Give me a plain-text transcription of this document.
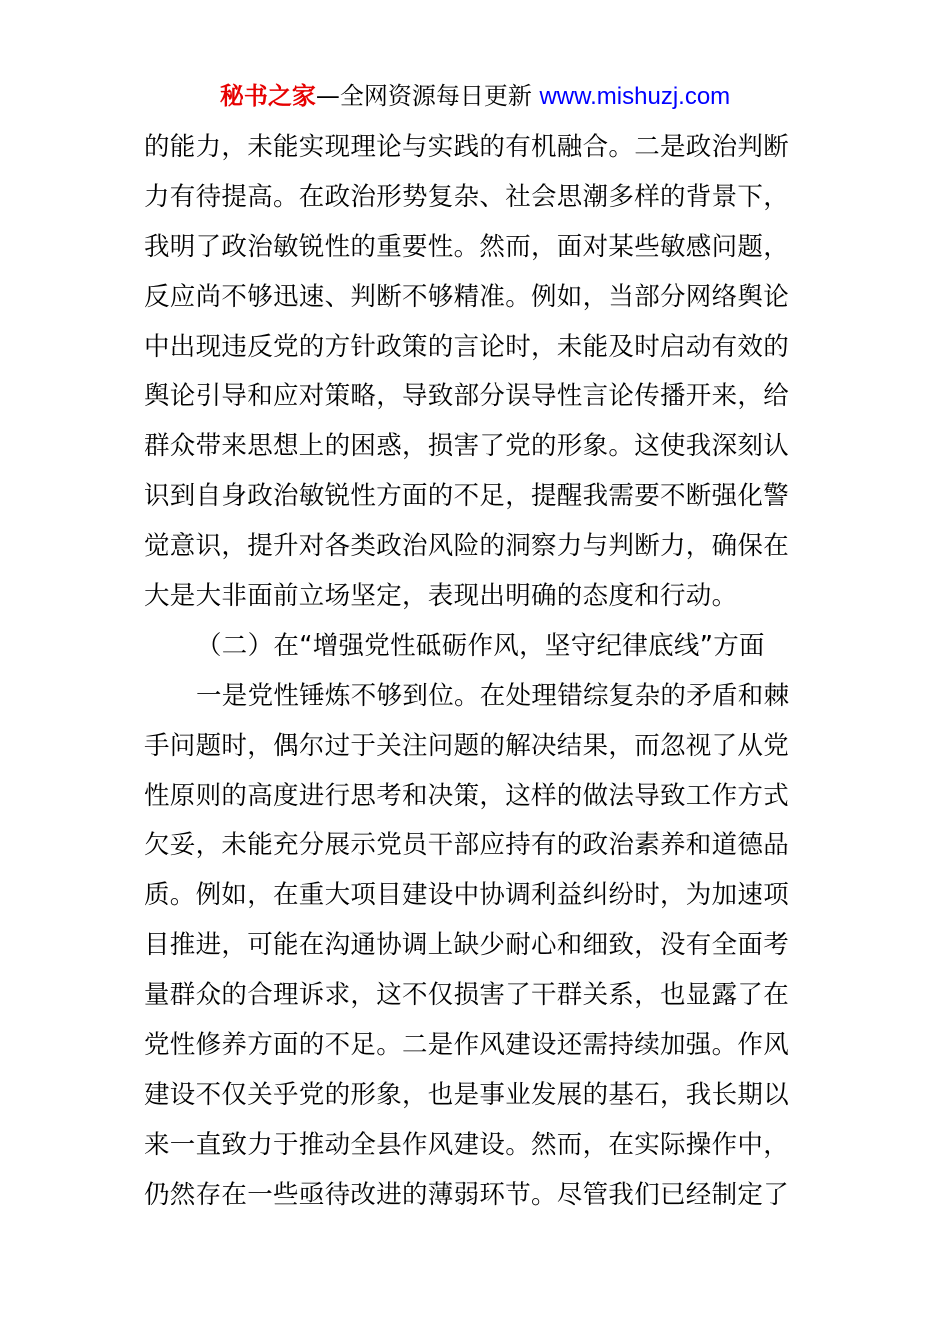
秘书之家—全网资源每日更新 www.mishuzj.com
的能力，未能实现理论与实践的有机融合。二是政治判断
力有待提高。在政治形势复杂、社会思潮多样的背景下，
我明了政治敏锐性的重要性。然而，面对某些敏感问题，
反应尚不够迅速、判断不够精准。例如，当部分网络舆论
中出现违反党的方针政策的言论时，未能及时启动有效的
舆论引导和应对策略，导致部分误导性言论传播开来，给
群众带来思想上的困惑，损害了党的形象。这使我深刻认
识到自身政治敏锐性方面的不足，提醒我需要不断强化警
觉意识，提升对各类政治风险的洞察力与判断力，确保在
大是大非面前立场坚定，表现出明确的态度和行动。
（二）在“增强党性砥砺作风，坚守纪律底线”方面
一是党性锤炼不够到位。在处理错综复杂的矛盾和棘
手问题时，偶尔过于关注问题的解决结果，而忽视了从党
性原则的高度进行思考和决策，这样的做法导致工作方式
欠妥，未能充分展示党员干部应持有的政治素养和道德品
质。例如，在重大项目建设中协调利益纠纷时，为加速项
目推进，可能在沟通协调上缺少耐心和细致，没有全面考
量群众的合理诉求，这不仅损害了干群关系，也显露了在
党性修养方面的不足。二是作风建设还需持续加强。作风
建设不仅关乎党的形象，也是事业发展的基石，我长期以
来一直致力于推动全县作风建设。然而，在实际操作中，
仍然存在一些亟待改进的薄弱环节。尽管我们已经制定了
